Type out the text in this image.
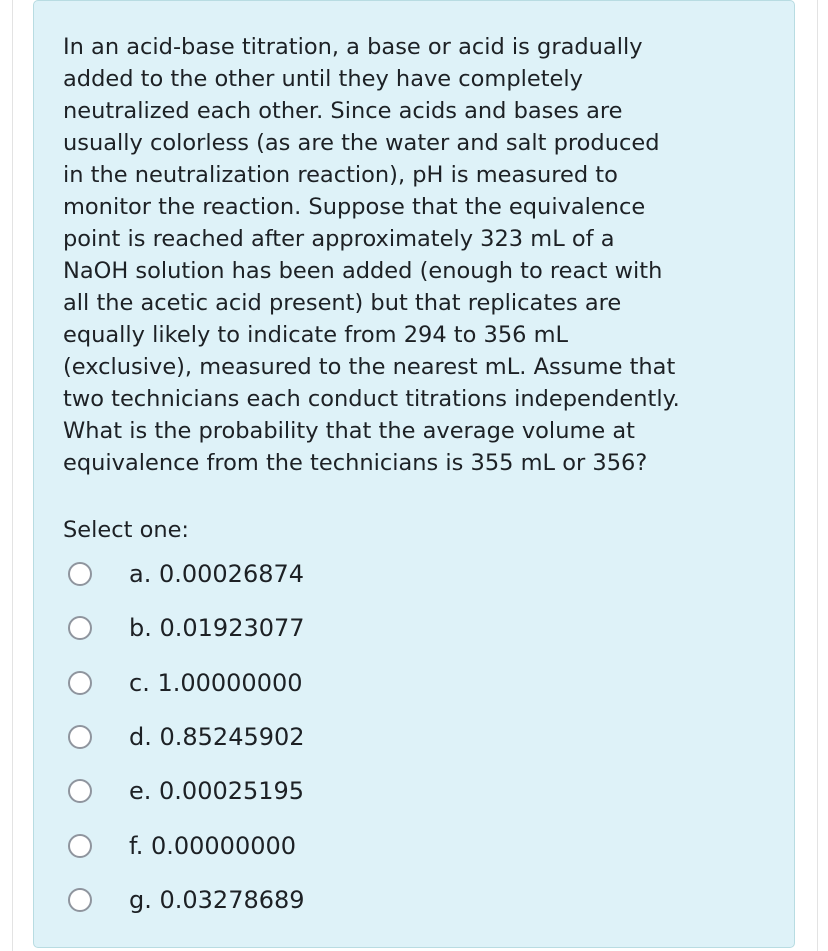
In an acid-base titration, a base or acid is gradually
added to the other until they have completely
neutralized each other. Since acids and bases are
usually colorless (as are the water and salt produced
in the neutralization reaction), pH is measured to
monitor the reaction. Suppose that the equivalence
point is reached after approximately 323 mL of a
NaOH solution has been added (enough to react with
all the acetic acid present) but that replicates are
equally likely to indicate from 294 to 356 mL
(exclusive), measured to the nearest mL. Assume that
two technicians each conduct titrations independently.
What is the probability that the average volume at
equivalence from the technicians is 355 mL or 356?
Select one:
a. 0.00026874
b. 0.01923077
c. 1.00000000
d. 0.85245902
e. 0.00025195
f. 0.00000000
g. 0.03278689
